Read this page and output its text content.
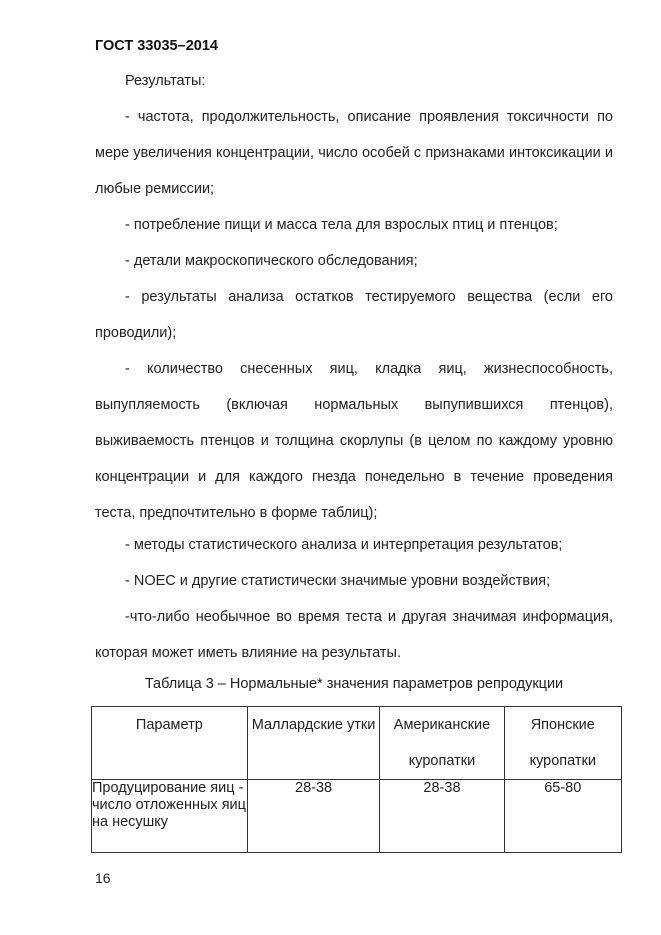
ГОСТ 33035–2014

Результаты:

- частота, продолжительность, описание проявления токсичности по мере увеличения концентрации, число особей с признаками интоксикации и любые ремиссии;

- потребление пищи и масса тела для взрослых птиц и птенцов;

- детали макроскопического обследования;

- результаты анализа остатков тестируемого вещества (если его проводили);

- количество снесенных яиц, кладка яиц, жизнеспособность, выпупляемость (включая нормальных выпупившихся птенцов), выживаемость птенцов и толщина скорлупы (в целом по каждому уровню концентрации и для каждого гнезда понедельно в течение проведения теста, предпочтительно в форме таблиц);

- методы статистического анализа и интерпретация результатов;

- NOEC и другие статистически значимые уровни воздействия;

-что-либо необычное во время теста и другая значимая информация, которая может иметь влияние на результаты.

Таблица 3 – Нормальные* значения параметров репродукции
Параметр	Маллардские утки	Американские куропатки	Японские куропатки
Продуцирование яиц - число отложенных яиц на несушку	28-38	28-38	65-80
16
